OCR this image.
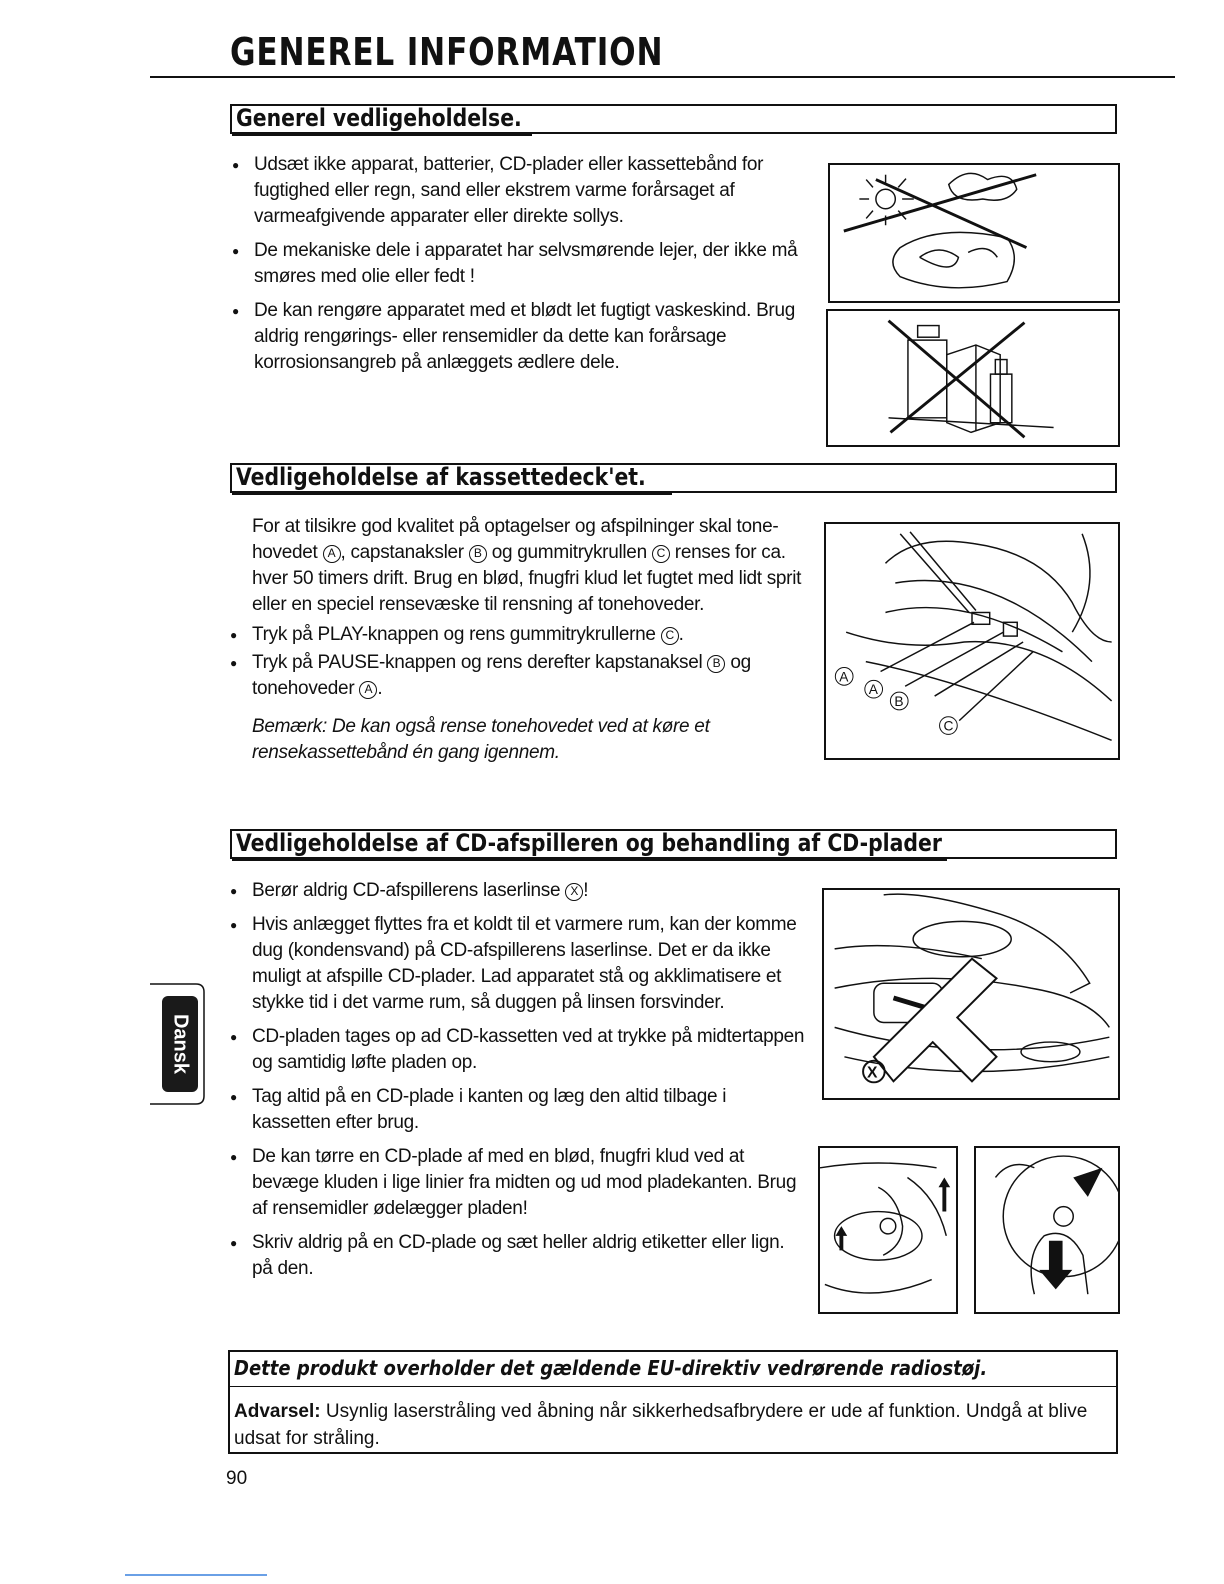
GENEREL INFORMATION
Generel vedligeholdelse.
● Udsæt ikke apparat, batterier, CD-plader eller kassettebånd for fugtighed eller regn, sand eller ekstrem varme forårsaget af varmeafgivende apparater eller direkte sollys.
● De mekaniske dele i apparatet har selvsmørende lejer, der ikke må smøres med olie eller fedt !
● De kan rengøre apparatet med et blødt let fugtigt vaskeskind. Brug aldrig rengørings- eller rensemidler da dette kan forårsage korrosionsangreb på anlæggets ædlere dele.
Vedligeholdelse af kassettedeck'et.
For at tilsikre god kvalitet på optagelser og afspilninger skal tone-hovedet A , capstanaksler B og gummitrykrullen C renses for ca. hver 50 timers drift. Brug en blød, fnugfri klud let fugtet med lidt sprit eller en speciel rensevæske til rensning af tonehoveder.
● Tryk på PLAY-knappen og rens gummitrykrullerne C .
● Tryk på PAUSE-knappen og rens derefter kapstanaksel B og tonehoveder A .
Bemærk: De kan også rense tonehovedet ved at køre et rensekassettebånd én gang igennem.
A
A
B
C
Vedligeholdelse af CD-afspilleren og behandling af CD-plader
● Berør aldrig CD-afspillerens laserlinse X !
● Hvis anlægget flyttes fra et koldt til et varmere rum, kan der komme dug (kondensvand) på CD-afspillerens laserlinse. Det er da ikke muligt at afspille CD-plader. Lad apparatet stå og akklimatisere et stykke tid i det varme rum, så duggen på linsen forsvinder.
● CD-pladen tages op ad CD-kassetten ved at trykke på midtertappen og samtidig løfte pladen op.
● Tag altid på en CD-plade i kanten og læg den altid tilbage i kassetten efter brug.
● De kan tørre en CD-plade af med en blød, fnugfri klud ved at bevæge kluden i lige linier fra midten og ud mod pladekanten. Brug af rensemidler ødelægger pladen!
● Skriv aldrig på en CD-plade og sæt heller aldrig etiketter eller lign. på den.
X
Dansk
Dette produkt overholder det gældende EU-direktiv vedrørende radiostøj.
Advarsel: Usynlig laserstråling ved åbning når sikkerhedsafbrydere er ude af funktion. Undgå at blive udsat for stråling.
90
